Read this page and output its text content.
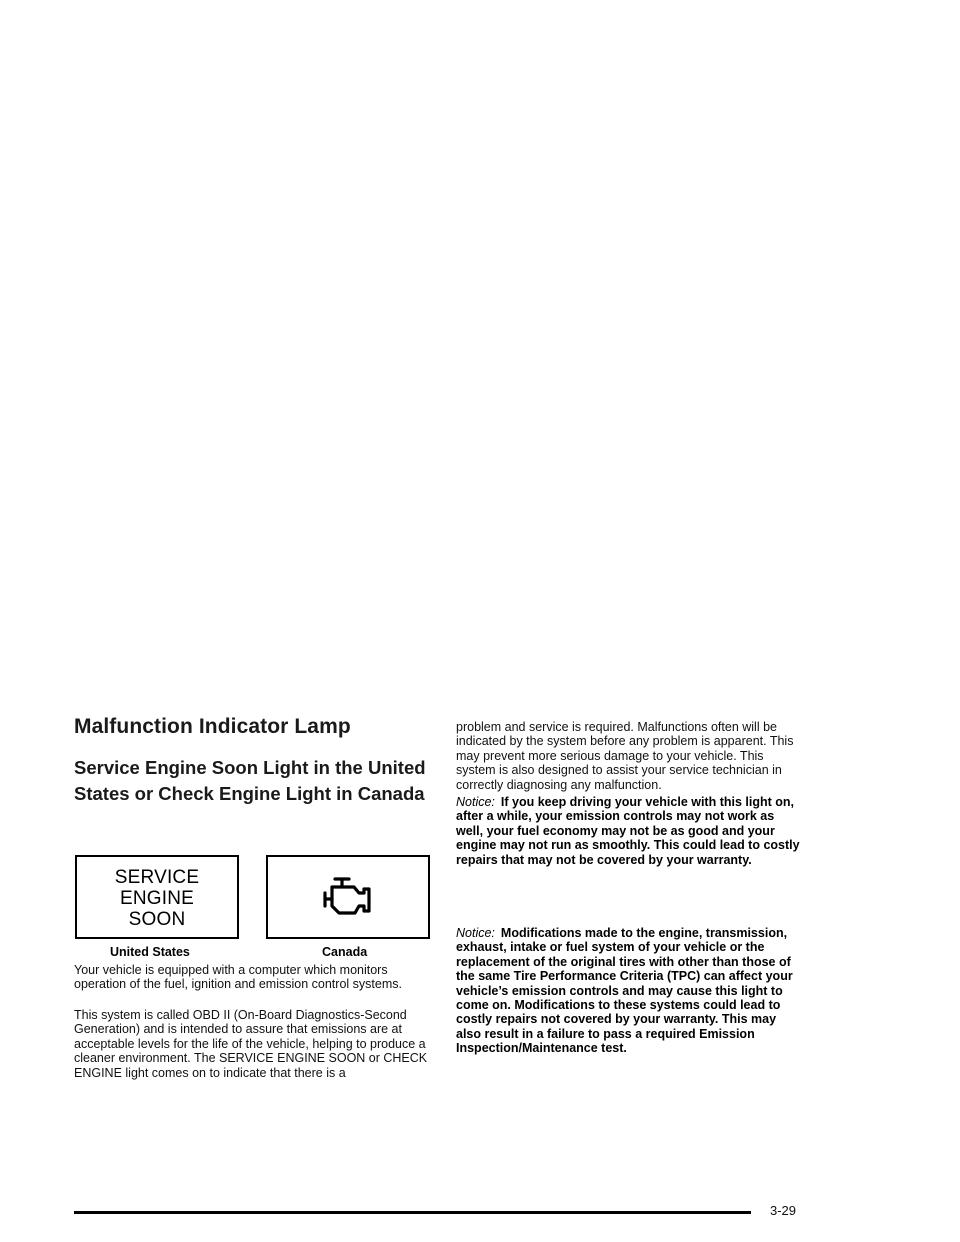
Malfunction Indicator Lamp
Service Engine Soon Light in the United States or Check Engine Light in Canada
SERVICE
ENGINE
SOON
United States	Canada

Your vehicle is equipped with a computer which monitors operation of the fuel, ignition and emission control systems.

This system is called OBD II (On-Board Diagnostics-Second Generation) and is intended to assure that emissions are at acceptable levels for the life of the vehicle, helping to produce a cleaner environment. The SERVICE ENGINE SOON or CHECK ENGINE light comes on to indicate that there is a

problem and service is required. Malfunctions often will be indicated by the system before any problem is apparent. This may prevent more serious damage to your vehicle. This system is also designed to assist your service technician in correctly diagnosing any malfunction.

Notice: If you keep driving your vehicle with this light on, after a while, your emission controls may not work as well, your fuel economy may not be as good and your engine may not run as smoothly. This could lead to costly repairs that may not be covered by your warranty.

Notice: Modifications made to the engine, transmission, exhaust, intake or fuel system of your vehicle or the replacement of the original tires with other than those of the same Tire Performance Criteria (TPC) can affect your vehicle’s emission controls and may cause this light to come on. Modifications to these systems could lead to costly repairs not covered by your warranty. This may also result in a failure to pass a required Emission Inspection/Maintenance test.

3-29
